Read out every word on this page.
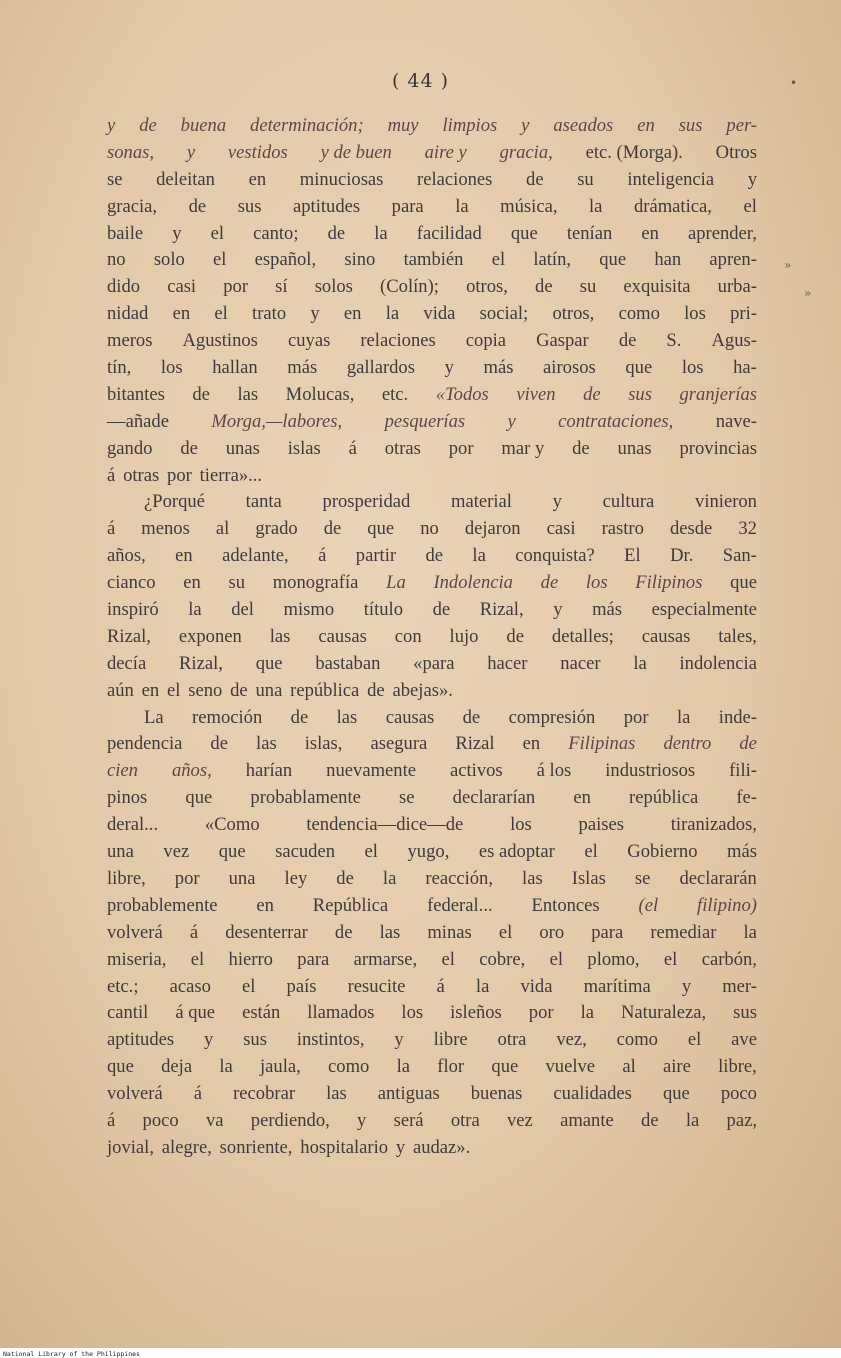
( 44 )	•
»
»
y de buena determinación; muy limpios y aseados en sus per-
sonas, y vestidos y de buen aire y gracia, etc. (Morga). Otros
se deleitan en minuciosas relaciones de su inteligencia y
gracia, de sus aptitudes para la música, la drámatica, el
baile y el canto; de la facilidad que tenían en aprender,
no solo el español, sino también el latín, que han apren-
dido casi por sí solos (Colín); otros, de su exquisita urba-
nidad en el trato y en la vida social; otros, como los pri-
meros Agustinos cuyas relaciones copia Gaspar de S. Agus-
tín, los hallan más gallardos y más airosos que los ha-
bitantes de las Molucas, etc. «Todos viven de sus granjerías
—añade Morga,—labores, pesquerías y contrataciones, nave-
gando de unas islas á otras por mar y de unas provincias
á otras por tierra»...
¿Porqué tanta prosperidad material y cultura vinieron
á menos al grado de que no dejaron casi rastro desde 32
años, en adelante, á partir de la conquista? El Dr. San-
cianco en su monografía La Indolencia de los Filipinos que
inspiró la del mismo título de Rizal, y más especialmente
Rizal, exponen las causas con lujo de detalles; causas tales,
decía Rizal, que bastaban «para hacer nacer la indolencia
aún en el seno de una república de abejas».
La remoción de las causas de compresión por la inde-
pendencia de las islas, asegura Rizal en Filipinas dentro de
cien años, harían nuevamente activos á los industriosos fili-
pinos que probablamente se declararían en república fe-
deral...	«Como	tendencia—dice—de	los	paises	tiranizados,
una vez que sacuden el yugo, es adoptar el Gobierno más
libre, por una ley de la reacción, las Islas se declararán
probablemente en República federal... Entonces (el filipino)
volverá á desenterrar de las minas el oro para remediar la
miseria, el hierro para armarse, el cobre, el plomo, el carbón,
etc.; acaso el país resucite á la vida marítima y mer-
cantil á que están llamados los isleños por la Naturaleza, sus
aptitudes y sus instintos, y libre otra vez, como el ave
que deja la jaula, como la flor que vuelve al aire libre,
volverá á recobrar las antiguas buenas cualidades que poco
á poco va perdiendo, y será otra vez amante de la paz,
jovial, alegre, sonriente, hospitalario y audaz».
National Library of the Philippines
